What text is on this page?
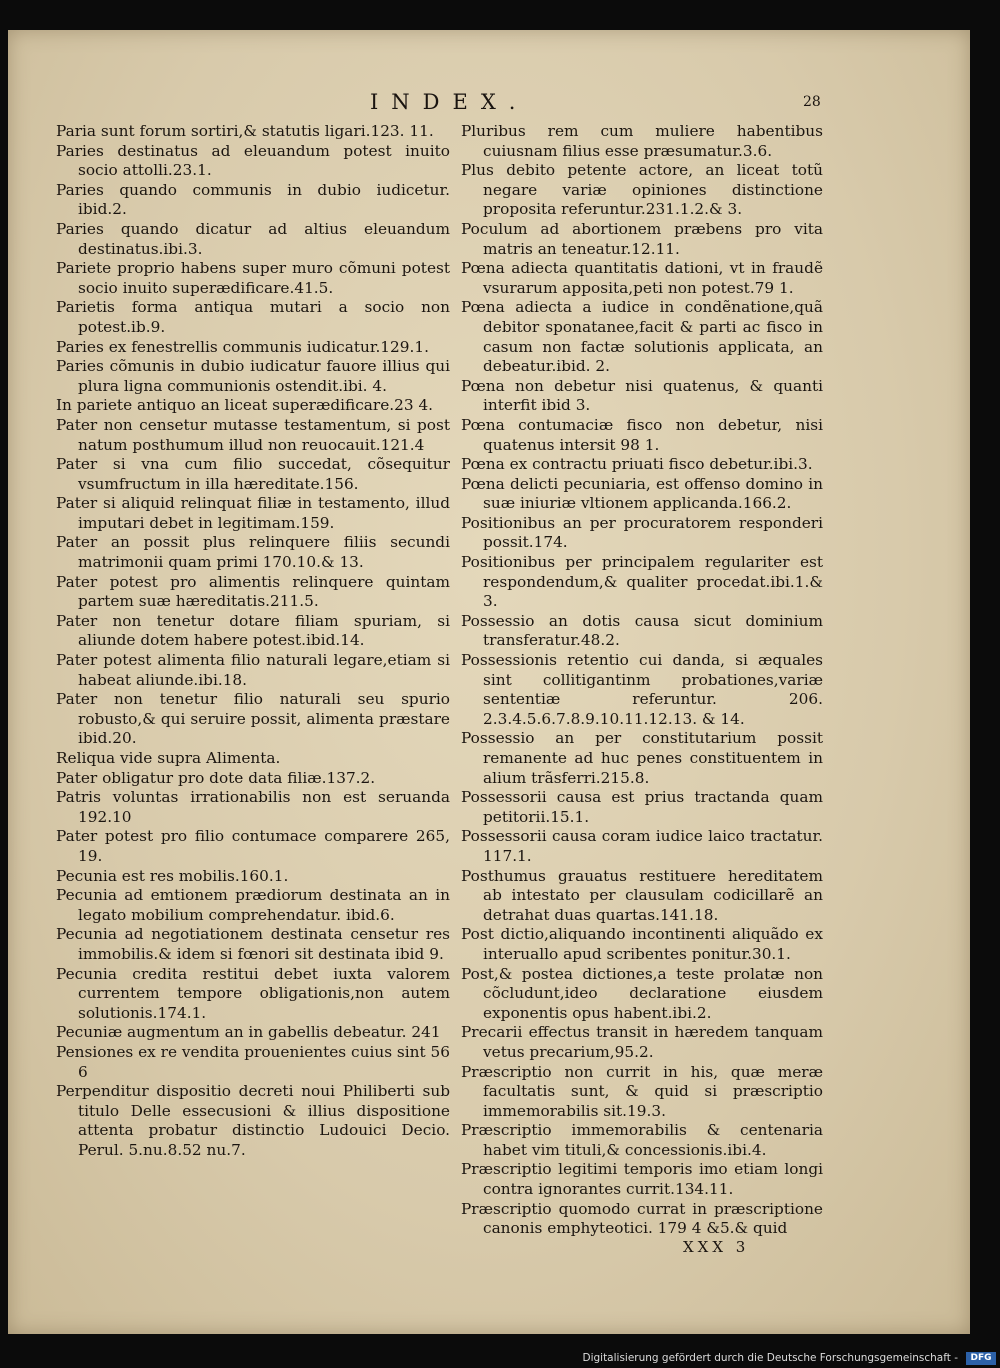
INDEX.	28

Paria sunt forum sortiri,& statutis ligari.123. 11.

Paries destinatus ad eleuandum potest inuito socio attolli.23.1.

Paries quando communis in dubio iudicetur. ibid.2.

Paries quando dicatur ad altius eleuandum destinatus.ibi.3.

Pariete proprio habens super muro cõmuni potest socio inuito superædificare.41.5.

Parietis forma antiqua mutari a socio non potest.ib.9.

Paries ex fenestrellis communis iudicatur.129.1.

Paries cõmunis in dubio iudicatur fauore illius qui plura ligna communionis ostendit.ibi. 4.

In pariete antiquo an liceat superædificare.23 4.

Pater non censetur mutasse testamentum, si post natum posthumum illud non reuocauit.121.4

Pater si vna cum filio succedat, cõsequitur vsumfructum in illa hæreditate.156.

Pater si aliquid relinquat filiæ in testamento, illud imputari debet in legitimam.159.

Pater an possit plus relinquere filiis secundi matrimonii quam primi 170.10.& 13.

Pater potest pro alimentis relinquere quintam partem suæ hæreditatis.211.5.

Pater non tenetur dotare filiam spuriam, si aliunde dotem habere potest.ibid.14.

Pater potest alimenta filio naturali legare,etiam si habeat aliunde.ibi.18.

Pater non tenetur filio naturali seu spurio robusto,& qui seruire possit, alimenta præstare ibid.20.

Reliqua vide supra Alimenta.

Pater obligatur pro dote data filiæ.137.2.

Patris voluntas irrationabilis non est seruanda 192.10

Pater potest pro filio contumace comparere 265, 19.

Pecunia est res mobilis.160.1.

Pecunia ad emtionem prædiorum destinata an in legato mobilium comprehendatur. ibid.6.

Pecunia ad negotiationem destinata censetur res immobilis.& idem si fœnori sit destinata ibid 9.

Pecunia credita restitui debet iuxta valorem currentem tempore obligationis,non autem solutionis.174.1.

Pecuniæ augmentum an in gabellis debeatur. 241

Pensiones ex re vendita prouenientes cuius sint 56 6

Perpenditur dispositio decreti noui Philiberti sub titulo Delle essecusioni & illius dispositione attenta probatur distinctio Ludouici Decio. Perul. 5.nu.8.52 nu.7.

Pluribus rem cum muliere habentibus cuiusnam filius esse præsumatur.3.6.

Plus debito petente actore, an liceat totũ negare variæ opiniones distinctione proposita referuntur.231.1.2.& 3.

Poculum ad abortionem præbens pro vita matris an teneatur.12.11.

Pœna adiecta quantitatis dationi, vt in fraudẽ vsurarum apposita,peti non potest.79 1.

Pœna adiecta a iudice in condẽnatione,quã debitor sponatanee,facit & parti ac fisco in casum non factæ solutionis applicata, an debeatur.ibid. 2.

Pœna non debetur nisi quatenus, & quanti interfit ibid 3.

Pœna contumaciæ fisco non debetur, nisi quatenus intersit 98 1.

Pœna ex contractu priuati fisco debetur.ibi.3.

Pœna delicti pecuniaria, est offenso domino in suæ iniuriæ vltionem applicanda.166.2.

Positionibus an per procuratorem responderi possit.174.

Positionibus per principalem regulariter est respondendum,& qualiter procedat.ibi.1.& 3.

Possessio an dotis causa sicut dominium transferatur.48.2.

Possessionis retentio cui danda, si æquales sint collitigantinm probationes,variæ sententiæ referuntur. 206. 2.3.4.5.6.7.8.9.10.11.12.13. & 14.

Possessio an per constitutarium possit remanente ad huc penes constituentem in alium trãsferri.215.8.

Possessorii causa est prius tractanda quam petitorii.15.1.

Possessorii causa coram iudice laico tractatur. 117.1.

Posthumus grauatus restituere hereditatem ab intestato per clausulam codicillarẽ an detrahat duas quartas.141.18.

Post dictio,aliquando incontinenti aliquãdo ex interuallo apud scribentes ponitur.30.1.

Post,& postea dictiones,a teste prolatæ non cõcludunt,ideo declaratione eiusdem exponentis opus habent.ibi.2.

Precarii effectus transit in hæredem tanquam vetus precarium,95.2.

Præscriptio non currit in his, quæ meræ facultatis sunt, & quid si præscriptio immemorabilis sit.19.3.

Præscriptio immemorabilis & centenaria habet vim tituli,& concessionis.ibi.4.

Præscriptio legitimi temporis imo etiam longi contra ignorantes currit.134.11.

Præscriptio quomodo currat in præscriptione canonis emphyteotici. 179 4 &5.& quid

XXX 3
Digitalisierung gefördert durch die Deutsche Forschungsgemeinschaft -	DFG
